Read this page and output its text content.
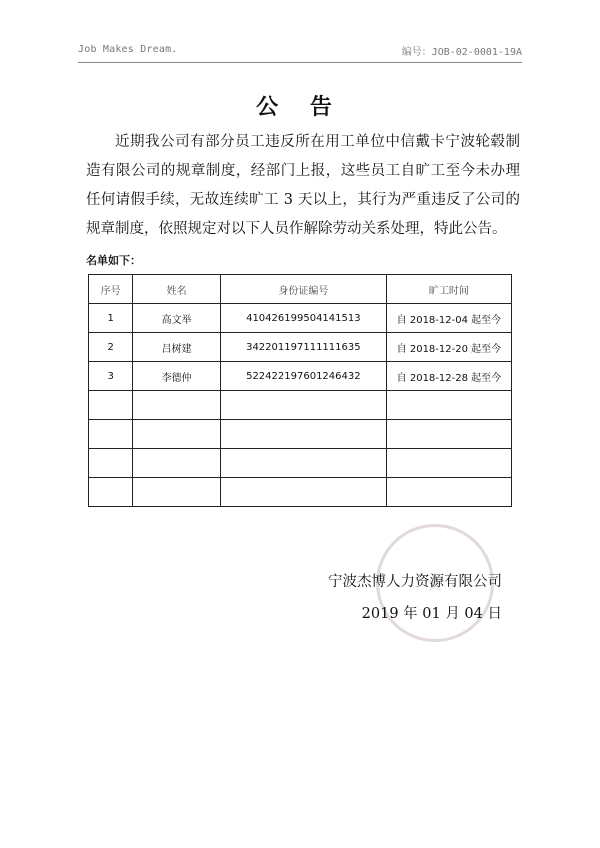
Job Makes Dream.	编号：JOB-02-0001-19A
公 告
近期我公司有部分员工违反所在用工单位中信戴卡宁波轮毂制造有限公司的规章制度，经部门上报，这些员工自旷工至今未办理任何请假手续，无故连续旷工 3 天以上，其行为严重违反了公司的规章制度，依照规定对以下人员作解除劳动关系处理，特此公告。
名单如下：
序号	姓名	身份证编号	旷工时间
1	高文举	410426199504141513	自 2018-12-04 起至今
2	吕树建	342201197111111635	自 2018-12-20 起至今
3	李德仲	522422197601246432	自 2018-12-28 起至今

宁波杰博人力资源有限公司
2019 年 01 月 04 日
